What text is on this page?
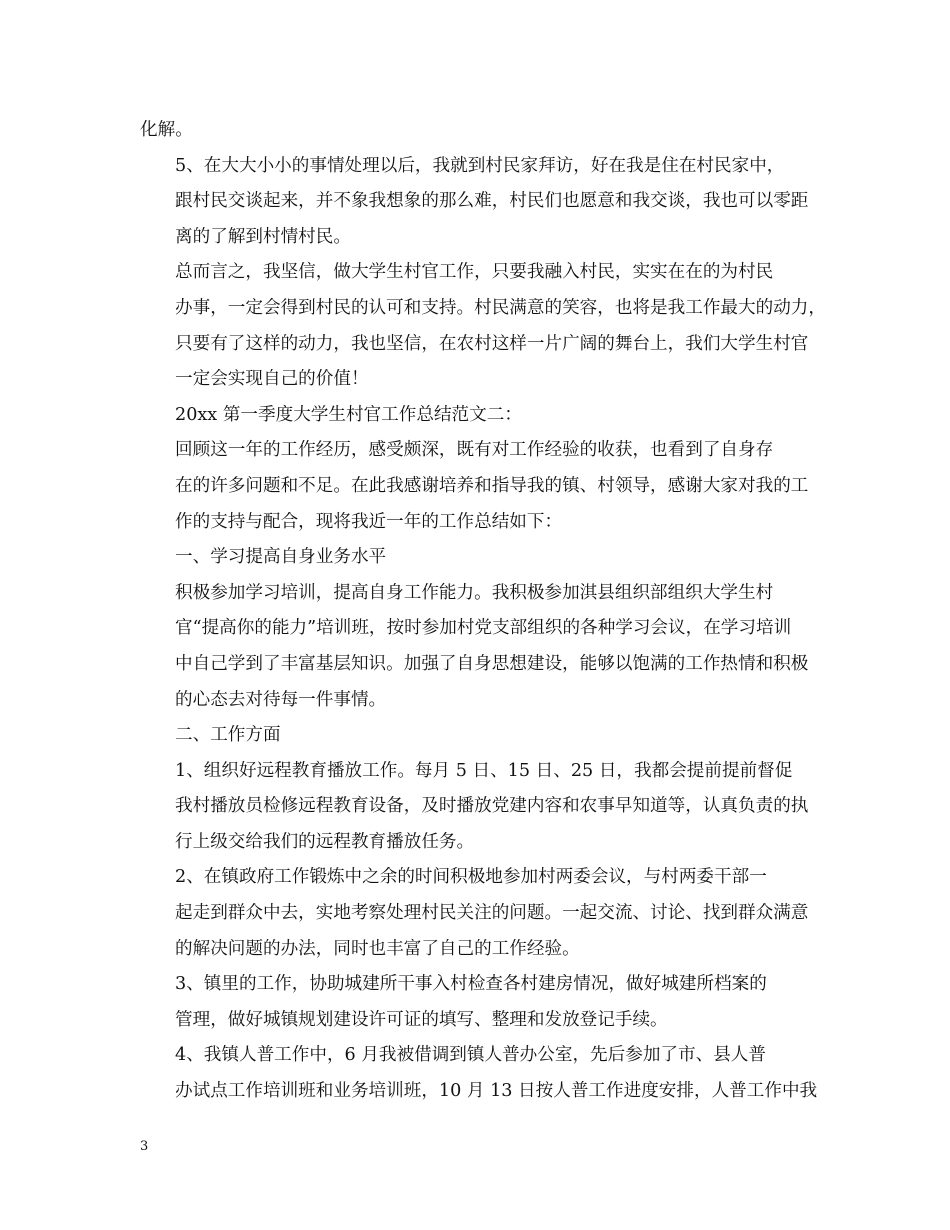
化解。

5、在大大小小的事情处理以后，我就到村民家拜访，好在我是住在村民家中，
跟村民交谈起来，并不象我想象的那么难，村民们也愿意和我交谈，我也可以零距
离的了解到村情村民。

总而言之，我坚信，做大学生村官工作，只要我融入村民，实实在在的为村民
办事，一定会得到村民的认可和支持。村民满意的笑容，也将是我工作最大的动力，
只要有了这样的动力，我也坚信，在农村这样一片广阔的舞台上，我们大学生村官
一定会实现自己的价值！

20xx 第一季度大学生村官工作总结范文二：

回顾这一年的工作经历，感受颇深，既有对工作经验的收获，也看到了自身存
在的许多问题和不足。在此我感谢培养和指导我的镇、村领导，感谢大家对我的工
作的支持与配合，现将我近一年的工作总结如下：

一、学习提高自身业务水平

积极参加学习培训，提高自身工作能力。我积极参加淇县组织部组织大学生村
官“提高你的能力”培训班，按时参加村党支部组织的各种学习会议，在学习培训
中自己学到了丰富基层知识。加强了自身思想建设，能够以饱满的工作热情和积极
的心态去对待每一件事情。

二、工作方面

1、组织好远程教育播放工作。每月 5 日、15 日、25 日，我都会提前提前督促
我村播放员检修远程教育设备，及时播放党建内容和农事早知道等，认真负责的执
行上级交给我们的远程教育播放任务。

2、在镇政府工作锻炼中之余的时间积极地参加村两委会议，与村两委干部一
起走到群众中去，实地考察处理村民关注的问题。一起交流、讨论、找到群众满意
的解决问题的办法，同时也丰富了自己的工作经验。

3、镇里的工作，协助城建所干事入村检查各村建房情况，做好城建所档案的
管理，做好城镇规划建设许可证的填写、整理和发放登记手续。

4、我镇人普工作中，6 月我被借调到镇人普办公室，先后参加了市、县人普
办试点工作培训班和业务培训班，10 月 13 日按人普工作进度安排，人普工作中我

3
